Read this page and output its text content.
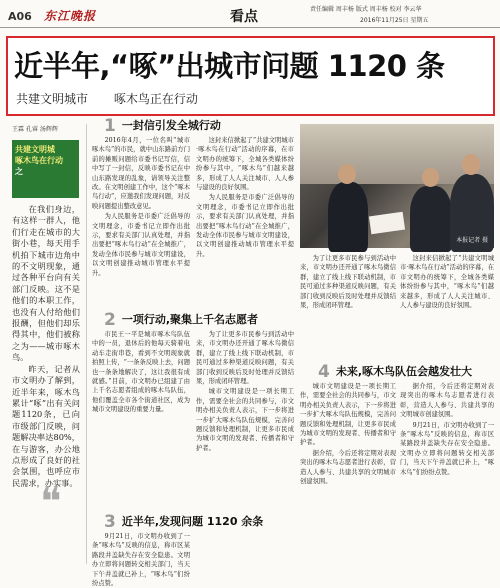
A06 东江晚报	看点	责任编辑 周丰杨 版式 周丰杨 校对 李云华
2016年11月25日 星期五
近半年,“啄”出城市问题 1120 条
共建文明城市 啄木鸟正在行动
王霖 孔睿 汤辉辉
共建文明城
啄木鸟在行动
之

在我们身边，有这样一群人，他们行走在城市的大街小巷，每天用手机拍下城市边角中的不文明现象，通过各种平台向有关部门反映。这不是他们的本职工作，也没有人付给他们报酬，但他们却乐得其中，他们被称之为——城市啄木鸟。

昨天，记者从市文明办了解到，近半年来，啄木鸟累计“啄”出有关问题1120条，已向市级部门反映，问题解决率达80%，在与游客，办公地点形成了良好的社会氛围，也呼应市民需求，办实事。

❝
1 一封信引发全城行动

2016年4月，一位名叫“城市啄木鸟”的市民，就中山东路前方门前的摊贩问题给市委书记写信，信中写了一封信，反映市委书记在中山东路发现的乱象，请领导关注整改。在文明创建工作中，这个“啄木鸟行动”，应邀我们发现问题，对反映问题提出整改意见。

为人民服务是市委广泛倡导的文明理念，市委书记立即作出批示，要求有关部门认真处理，并指出要把“啄木鸟行动”在全城推广，发动全体市民参与城市文明建设，以文明创建推动城市管理水平提升。

这封来信掀起了“共建文明城市·啄木鸟在行动”活动的序幕，在市文明办的统筹下，全城各类媒体纷纷参与其中，“啄木鸟”们越来越多，形成了人人关注城市、人人参与建设的良好氛围。

为人民服务是市委广泛倡导的文明理念，市委书记立即作出批示，要求有关部门认真处理，并指出要把“啄木鸟行动”在全城推广，发动全体市民参与城市文明建设，以文明创建推动城市管理水平提升。

本报记者 摄
2 一项行动,聚集上千名志愿者

市民王一平是城市啄木鸟队伍中的一员，退休后的他每天骑着电动车走街串巷，看到不文明现象就拍照上传，“一条条反映上去，问题也一条条地解决了，这让我很有成就感。”目前，市文明办已组建了由上千名志愿者组成的啄木鸟队伍，他们覆盖全市各个街道社区，成为城市文明建设的重要力量。

为了让更多市民参与到活动中来，市文明办还开通了啄木鸟微信群，建立了线上线下联动机制，市民可通过多种渠道反映问题，有关部门收到反映后及时处理并反馈结果，形成闭环管理。

城市文明建设是一项长期工作，需要全社会的共同参与，市文明办相关负责人表示，下一步将进一步扩大啄木鸟队伍规模，完善问题反馈和处理机制，让更多市民成为城市文明的发现者、传播者和守护者。

3 近半年,发现问题 1120 余条

9月21日，市文明办收到了一条“啄木鸟”反映的信息，称市区某路段井盖缺失存在安全隐患。文明办立即将问题转交相关部门，当天下午井盖就已补上，“啄木鸟”们纷纷点赞。

为了让更多市民参与到活动中来，市文明办还开通了啄木鸟微信群，建立了线上线下联动机制，市民可通过多种渠道反映问题，有关部门收到反映后及时处理并反馈结果，形成闭环管理。

这封来信掀起了“共建文明城市·啄木鸟在行动”活动的序幕，在市文明办的统筹下，全城各类媒体纷纷参与其中，“啄木鸟”们越来越多，形成了人人关注城市、人人参与建设的良好氛围。

4 未来,啄木鸟队伍会越发壮大

城市文明建设是一项长期工作，需要全社会的共同参与，市文明办相关负责人表示，下一步将进一步扩大啄木鸟队伍规模，完善问题反馈和处理机制，让更多市民成为城市文明的发现者、传播者和守护者。

据介绍，今后还将定期对表现突出的啄木鸟志愿者进行表彰，营造人人参与、共建共享的文明城市创建氛围。

据介绍，今后还将定期对表现突出的啄木鸟志愿者进行表彰，营造人人参与、共建共享的文明城市创建氛围。

9月21日，市文明办收到了一条“啄木鸟”反映的信息，称市区某路段井盖缺失存在安全隐患。文明办立即将问题转交相关部门，当天下午井盖就已补上，“啄木鸟”们纷纷点赞。
